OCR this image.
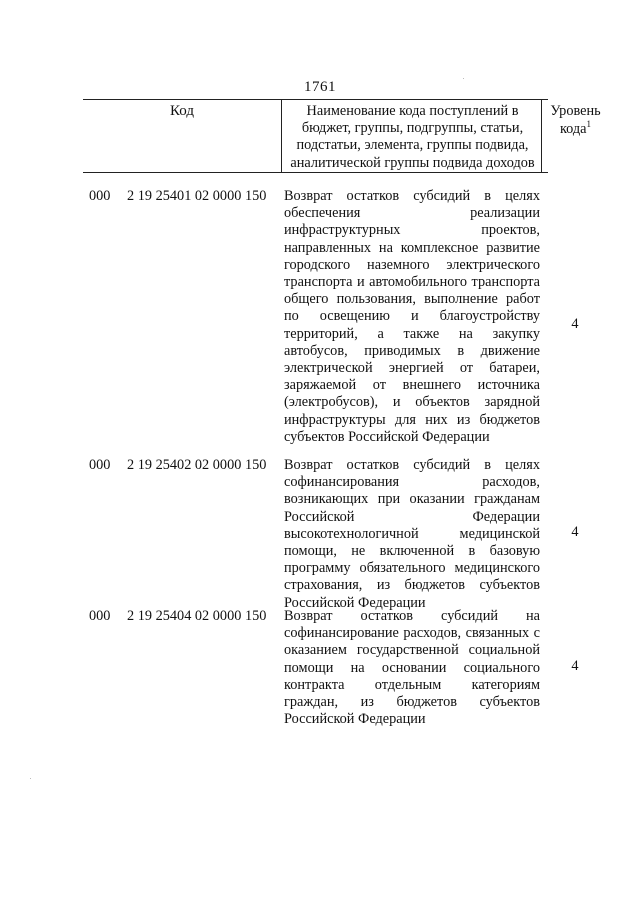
1761
Код	Наименование кода поступлений в
бюджет, группы, подгруппы, статьи,
подстатьи, элемента, группы подвида,
аналитической группы подвида доходов
Уровень
кода$^1$
000 2 19 25401 02 0000 150 Возврат остатков субсидий в целях обеспечения реализации инфраструктурных проектов, направленных на комплексное развитие городского наземного электрического транспорта и автомобильного транспорта общего пользования, выполнение работ по освещению и благоустройству территорий, а также на закупку автобусов, приводимых в движение электрической энергией от батареи, заряжаемой от внешнего источника (электробусов), и объектов зарядной инфраструктуры для них из бюджетов субъектов Российской Федерации
4
000 2 19 25402 02 0000 150 Возврат остатков субсидий в целях софинансирования расходов, возникающих при оказании гражданам Российской Федерации высокотехнологичной медицинской помощи, не включенной в базовую программу обязательного медицинского страхования, из бюджетов субъектов Российской Федерации
4
000 2 19 25404 02 0000 150 Возврат остатков субсидий на софинансирование расходов, связанных с оказанием государственной социальной помощи на основании социального контракта отдельным категориям граждан, из бюджетов субъектов Российской Федерации
4
